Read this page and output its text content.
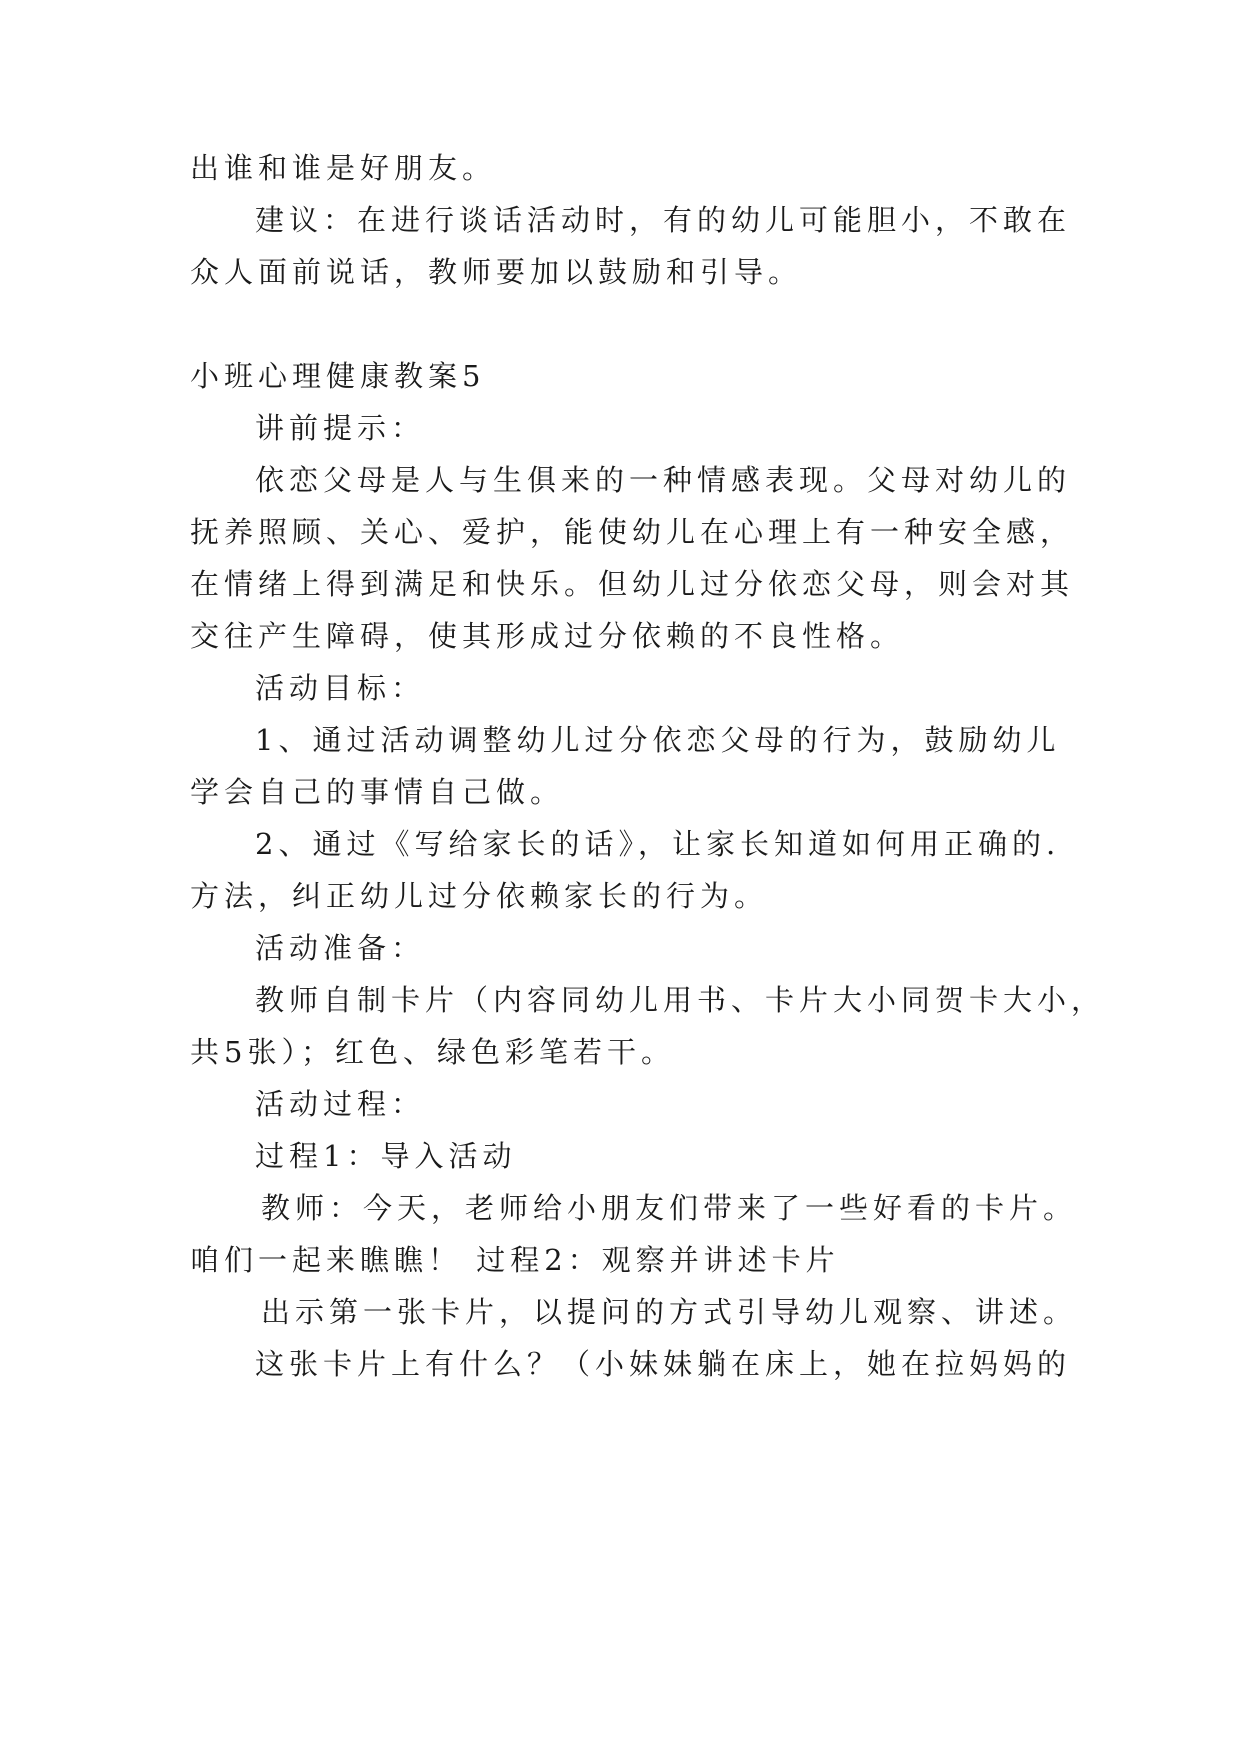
出谁和谁是好朋友。
建议：在进行谈话活动时，有的幼儿可能胆小，不敢在
众人面前说话，教师要加以鼓励和引导。
小班心理健康教案5
讲前提示：
依恋父母是人与生俱来的一种情感表现。父母对幼儿的
抚养照顾、关心、爱护，能使幼儿在心理上有一种安全感，
在情绪上得到满足和快乐。但幼儿过分依恋父母，则会对其
交往产生障碍，使其形成过分依赖的不良性格。
活动目标：
1、通过活动调整幼儿过分依恋父母的行为，鼓励幼儿
学会自己的事情自己做。
2、通过《写给家长的话》，让家长知道如何用正确的.
方法，纠正幼儿过分依赖家长的行为。
活动准备：
教师自制卡片（内容同幼儿用书、卡片大小同贺卡大小，
共5张）；红色、绿色彩笔若干。
活动过程：
过程1：导入活动
教师：今天，老师给小朋友们带来了一些好看的卡片。
咱们一起来瞧瞧！ 过程2：观察并讲述卡片
出示第一张卡片，以提问的方式引导幼儿观察、讲述。
这张卡片上有什么？（小妹妹躺在床上，她在拉妈妈的
